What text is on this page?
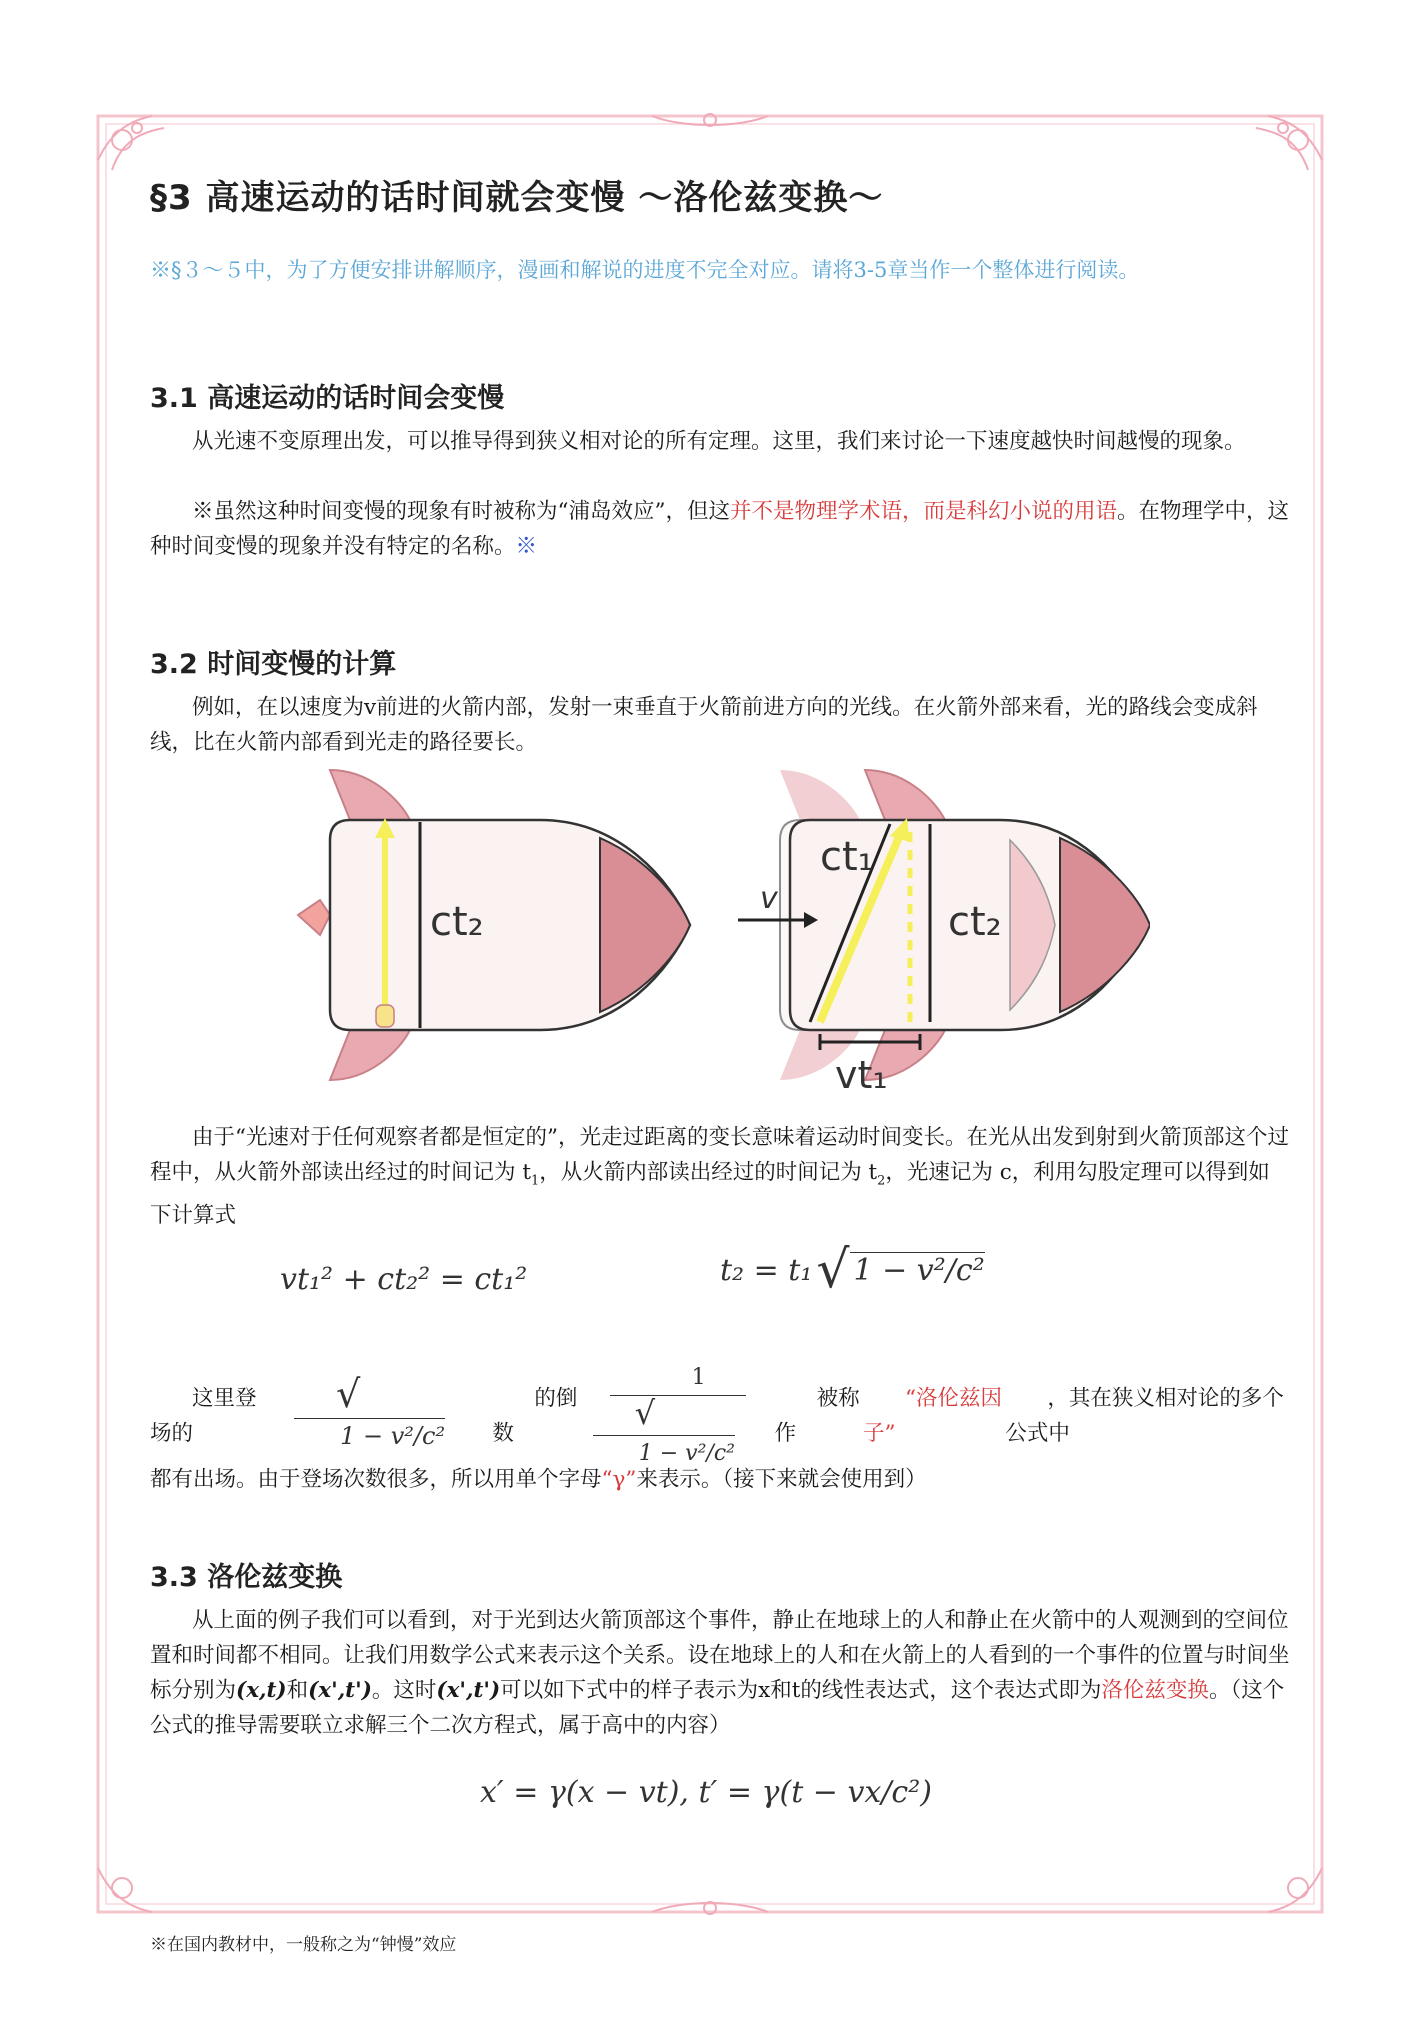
§3 高速运动的话时间就会变慢 ～洛伦兹变换～
※§３～５中，为了方便安排讲解顺序，漫画和解说的进度不完全对应。请将3-5章当作一个整体进行阅读。
3.1 高速运动的话时间会变慢
从光速不变原理出发，可以推导得到狭义相对论的所有定理。这里，我们来讨论一下速度越快时间越慢的现象。
※虽然这种时间变慢的现象有时被称为“浦岛效应”，但这并不是物理学术语，而是科幻小说的用语。在物理学中，这种时间变慢的现象并没有特定的名称。※
3.2 时间变慢的计算
例如，在以速度为v前进的火箭内部，发射一束垂直于火箭前进方向的光线。在火箭外部来看，光的路线会变成斜线，比在火箭内部看到光走的路径要长。
ct₂
v
ct₁
ct₂
vt₁
由于“光速对于任何观察者都是恒定的”，光走过距离的变长意味着运动时间变长。在光从出发到射到火箭顶部这个过程中，从火箭外部读出经过的时间记为 $t_1$，从火箭内部读出经过的时间记为 $t_2$，光速记为 c，利用勾股定理可以得到如下计算式
vt₁² + ct₂² = ct₁²	t₂ = t₁ √ 1 − v²/c²
这里登场的
√1 − v²/c²
的倒数
1
√1 − v²/c²
被称作
“洛伦兹因子”
，其在狭义相对论的多个公式中
都有出场。由于登场次数很多，所以用单个字母“γ”来表示。（接下来就会使用到）
3.3 洛伦兹变换
从上面的例子我们可以看到，对于光到达火箭顶部这个事件，静止在地球上的人和静止在火箭中的人观测到的空间位置和时间都不相同。让我们用数学公式来表示这个关系。设在地球上的人和在火箭上的人看到的一个事件的位置与时间坐标分别为(x,t)和(x',t')。这时(x',t')可以如下式中的样子表示为x和t的线性表达式，这个表达式即为洛伦兹变换。（这个公式的推导需要联立求解三个二次方程式，属于高中的内容）
x′ = γ(x − vt), t′ = γ(t − vx/c²)
※在国内教材中，一般称之为“钟慢”效应
